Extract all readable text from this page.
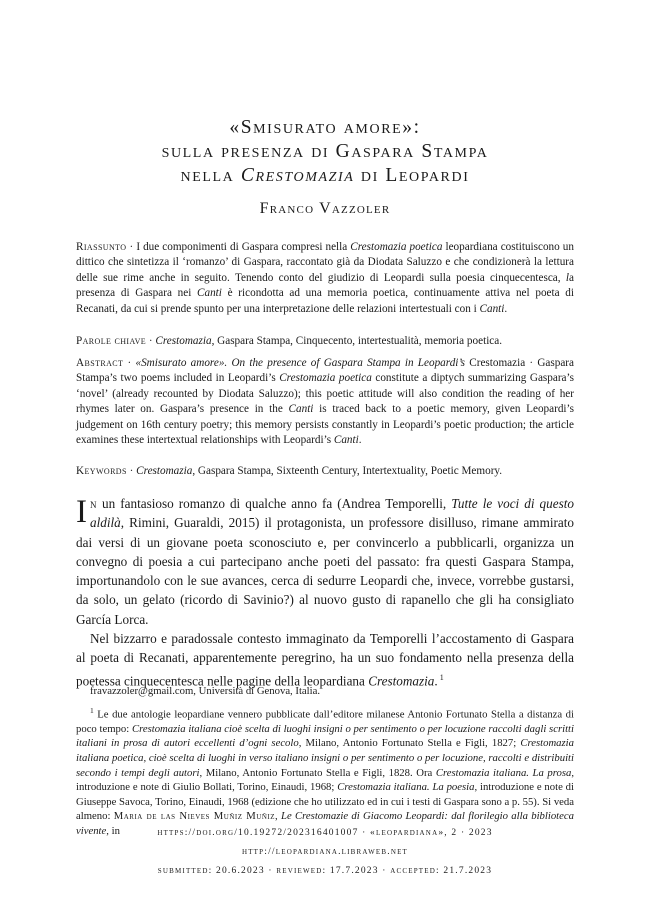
«Smisurato amore»:
sulla presenza di Gaspara Stampa
nella Crestomazia di Leopardi
Franco Vazzoler
Riassunto · I due componimenti di Gaspara compresi nella Crestomazia poetica leopardiana costituiscono un dittico che sintetizza il ‘romanzo’ di Gaspara, raccontato già da Diodata Saluzzo e che condizionerà la lettura delle sue rime anche in seguito. Tenendo conto del giudizio di Leopardi sulla poesia cinquecentesca, la presenza di Gaspara nei Canti è ricondotta ad una memoria poetica, continuamente attiva nel poeta di Recanati, da cui si prende spunto per una interpretazione delle relazioni intertestuali con i Canti.
Parole chiave · Crestomazia, Gaspara Stampa, Cinquecento, intertestualità, memoria poetica.
Abstract · «Smisurato amore». On the presence of Gaspara Stampa in Leopardi’s Crestomazia · Gaspara Stampa’s two poems included in Leopardi’s Crestomazia poetica constitute a diptych summarizing Gaspara’s ‘novel’ (already recounted by Diodata Saluzzo); this poetic attitude will also condition the reading of her rhymes later on. Gaspara’s presence in the Canti is traced back to a poetic memory, given Leopardi’s judgement on 16th century poetry; this memory persists constantly in Leopardi’s poetic production; the article examines these intertextual relationships with Leopardi’s Canti.
Keywords · Crestomazia, Gaspara Stampa, Sixteenth Century, Intertextuality, Poetic Memory.

In un fantasioso romanzo di qualche anno fa (Andrea Temporelli, Tutte le voci di questo aldilà, Rimini, Guaraldi, 2015) il protagonista, un professore disilluso, rimane ammirato dai versi di un giovane poeta sconosciuto e, per convincerlo a pubblicarli, organizza un convegno di poesia a cui partecipano anche poeti del passato: fra questi Gaspara Stampa, importunandolo con le sue avances, cerca di sedurre Leopardi che, invece, vorrebbe gustarsi, da solo, un gelato (ricordo di Savinio?) al nuovo gusto di rapanello che gli ha consigliato García Lorca.

Nel bizzarro e paradossale contesto immaginato da Temporelli l’accostamento di Gaspara al poeta di Recanati, apparentemente peregrino, ha un suo fondamento nella presenza della poetessa cinquecentesca nelle pagine della leopardiana Crestomazia. $^1$

fravazzoler@gmail.com, Università di Genova, Italia.
$^1$ Le due antologie leopardiane vennero pubblicate dall’editore milanese Antonio Fortunato Stella a distanza di poco tempo: Crestomazia italiana cioè scelta di luoghi insigni o per sentimento o per locuzione raccolti dagli scritti italiani in prosa di autori eccellenti d’ogni secolo, Milano, Antonio Fortunato Stella e Figli, 1827; Crestomazia italiana poetica, cioè scelta di luoghi in verso italiano insigni o per sentimento o per locuzione, raccolti e distribuiti secondo i tempi degli autori, Milano, Antonio Fortunato Stella e Figli, 1828. Ora Crestomazia italiana. La prosa, introduzione e note di Giulio Bollati, Torino, Einaudi, 1968; Crestomazia italiana. La poesia, introduzione e note di Giuseppe Savoca, Torino, Einaudi, 1968 (edizione che ho utilizzato ed in cui i testi di Gaspara sono a p. 55). Si veda almeno: Maria de las Nieves Muñiz Muñiz, Le Crestomazie di Giacomo Leopardi: dal florilegio alla biblioteca vivente, in	https://doi.org/10.19272/202316401007 · «leopardiana», 2 · 2023
http://leopardiana.libraweb.net
submitted: 20.6.2023 · reviewed: 17.7.2023 · accepted: 21.7.2023
